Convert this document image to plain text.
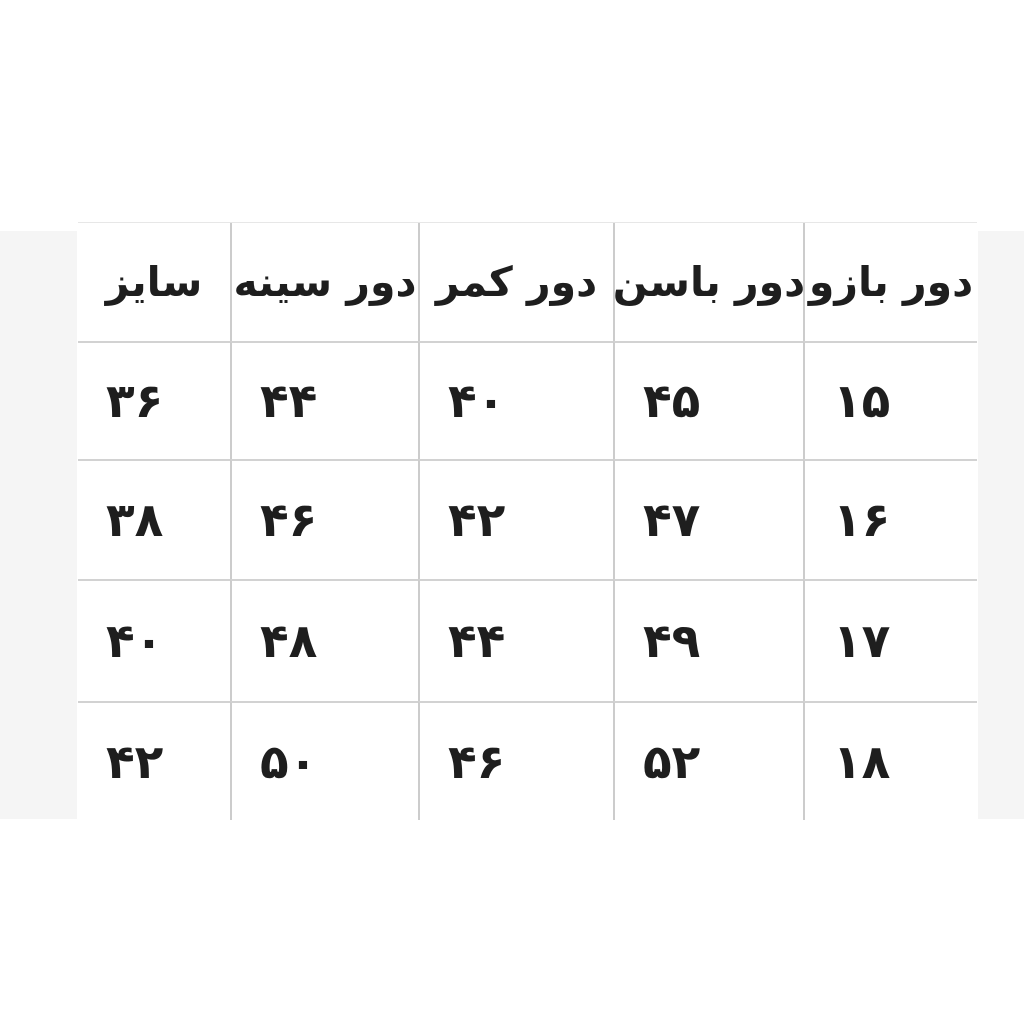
سایز دور سینه دور کمر دور باسن دور بازو
۳۶	۴۴	۴۰	۴۵	۱۵
۳۸	۴۶	۴۲	۴۷	۱۶
۴۰	۴۸	۴۴	۴۹	۱۷
۴۲	۵۰	۴۶	۵۲	۱۸
